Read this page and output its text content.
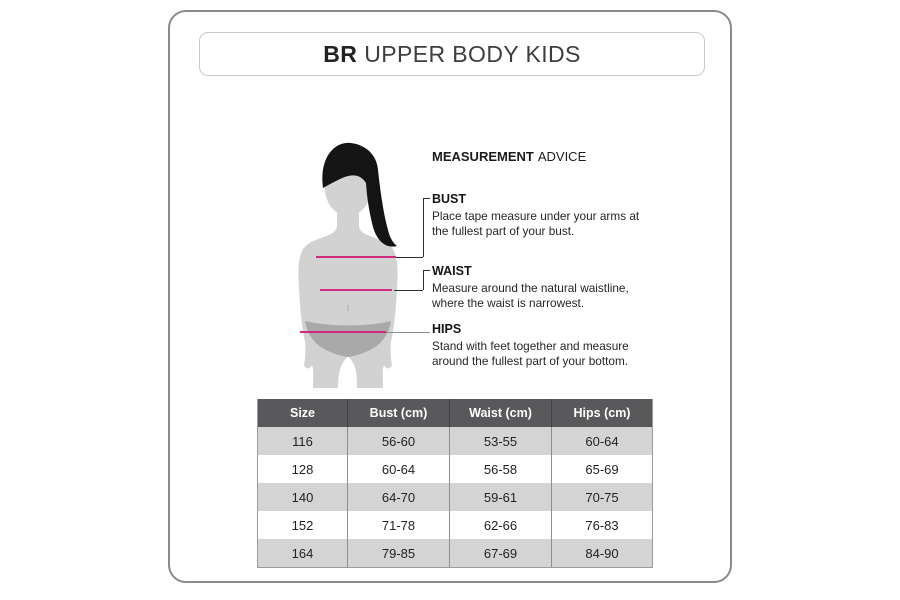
BR UPPER BODY KIDS
MEASUREMENT ADVICE
BUST
Place tape measure under your arms at
the fullest part of your bust.
WAIST
Measure around the natural waistline,
where the waist is narrowest.
HIPS
Stand with feet together and measure
around the fullest part of your bottom.
Size	Bust (cm)	Waist (cm)	Hips (cm)
116	56-60	53-55	60-64
128	60-64	56-58	65-69
140	64-70	59-61	70-75
152	71-78	62-66	76-83
164	79-85	67-69	84-90
